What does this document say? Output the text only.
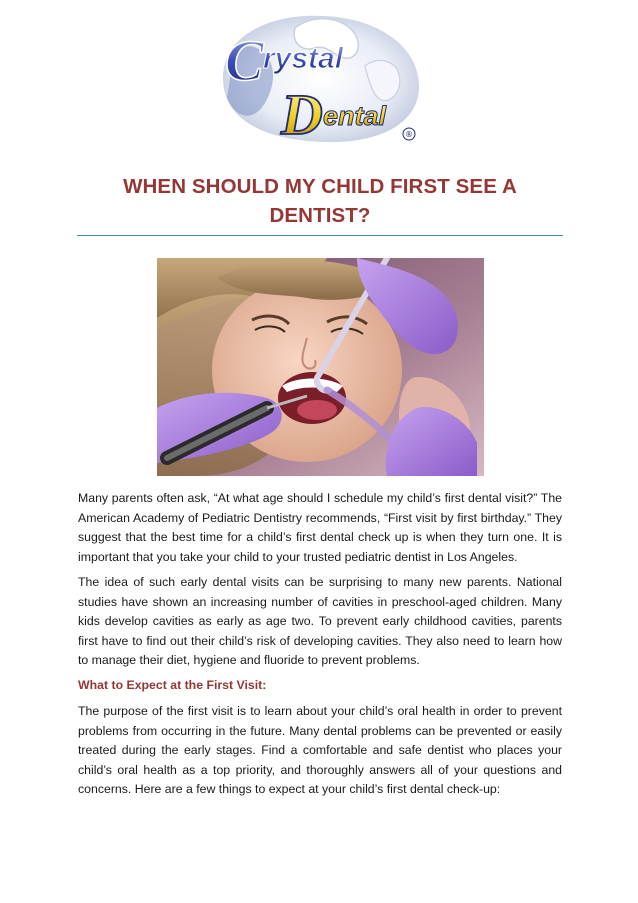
C rystal
D ental
®
WHEN SHOULD MY CHILD FIRST SEE A DENTIST?

Many parents often ask, “At what age should I schedule my child’s first dental visit?” The American Academy of Pediatric Dentistry recommends, “First visit by first birthday.” They suggest that the best time for a child’s first dental check up is when they turn one. It is important that you take your child to your trusted pediatric dentist in Los Angeles.

The idea of such early dental visits can be surprising to many new parents. National studies have shown an increasing number of cavities in preschool-aged children. Many kids develop cavities as early as age two. To prevent early childhood cavities, parents first have to find out their child’s risk of developing cavities. They also need to learn how to manage their diet, hygiene and fluoride to prevent problems.

What to Expect at the First Visit:

The purpose of the first visit is to learn about your child’s oral health in order to prevent problems from occurring in the future. Many dental problems can be prevented or easily treated during the early stages. Find a comfortable and safe dentist who places your child’s oral health as a top priority, and thoroughly answers all of your questions and concerns. Here are a few things to expect at your child’s first dental check-up:
